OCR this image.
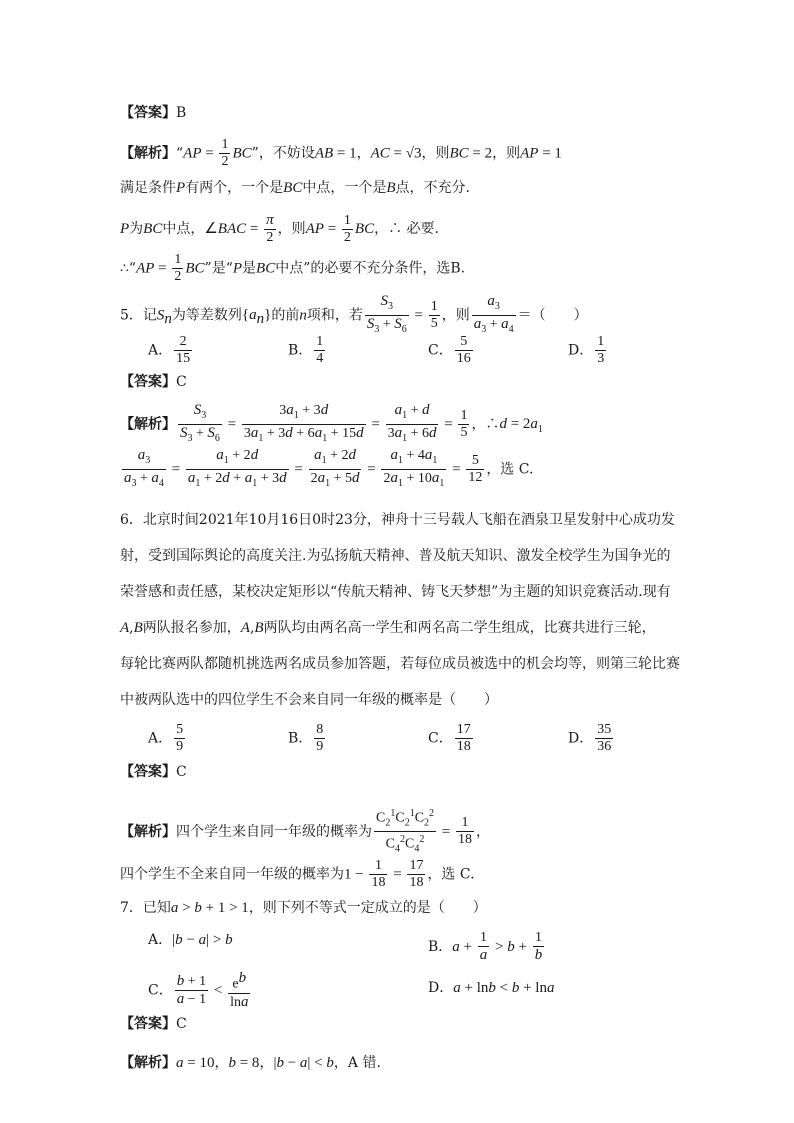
【答案】B
【解析】“AP = $\frac{1}{2}$ BC”，不妨设AB = 1，AC = √3，则BC = 2，则AP = 1
满足条件P有两个，一个是BC中点，一个是B点，不充分.
P为BC中点，∠BAC = $\frac{\pi}{2}$ ，则AP = $\frac{1}{2}$ BC，∴ 必要.
∴“AP = $\frac{1}{2}$ BC”是“P是BC中点”的必要不充分条件，选B.
5．记$S_n$为等差数列$\{a_n\}$的前n项和，若 $\frac{S_3}{S_3 + S_6} = \frac{1}{5}$ ，则 $\frac{a_3}{a_3 + a_4}$ ＝（　　）
A． $\frac{2}{15}$	B． $\frac{1}{4}$	C． $\frac{5}{16}$	D． $\frac{1}{3}$
【答案】C
【解析】 $\frac{S_3}{S_3 + S_6} = \frac{3a_1 + 3d}{3a_1 + 3d + 6a_1 + 15d} = \frac{a_1 + d}{3a_1 + 6d} = \frac{1}{5}$ ，∴d = $2a_1$
$\frac{a_3}{a_3 + a_4} = \frac{a_1 + 2d}{a_1 + 2d + a_1 + 3d} = \frac{a_1 + 2d}{2a_1 + 5d} = \frac{a_1 + 4a_1}{2a_1 + 10a_1} = \frac{5}{12}$ ，选 C.
6．北京时间2021年10月16日0时23分，神舟十三号载人飞船在酒泉卫星发射中心成功发
射，受到国际舆论的高度关注.为弘扬航天精神、普及航天知识、激发全校学生为国争光的
荣誉感和责任感，某校决定矩形以“传航天精神、铸飞天梦想”为主题的知识竞赛活动.现有
A,B两队报名参加，A,B两队均由两名高一学生和两名高二学生组成，比赛共进行三轮，
每轮比赛两队都随机挑选两名成员参加答题，若每位成员被选中的机会均等，则第三轮比赛
中被两队选中的四位学生不会来自同一年级的概率是（　　）
A． $\frac{5}{9}$	B． $\frac{8}{9}$	C． $\frac{17}{18}$	D． $\frac{35}{36}$
【答案】C
【解析】四个学生来自同一年级的概率为 $\frac{C_2^1C_2^1C_2^2}{C_4^2C_4^2} = \frac{1}{18}$ ，
四个学生不全来自同一年级的概率为$1 - \frac{1}{18} = \frac{17}{18}$ ，选 C.
7．已知a > b + 1 > 1，则下列不等式一定成立的是（　　）
A．|b − a| > b	B．$a + \frac{1}{a} > b + \frac{1}{b}$
C． $\frac{b + 1}{a - 1} < \frac{e^b}{\ln a}$	D．a + lnb < b + lna
【答案】C
【解析】a = 10，b = 8，|b − a| < b，A 错.
